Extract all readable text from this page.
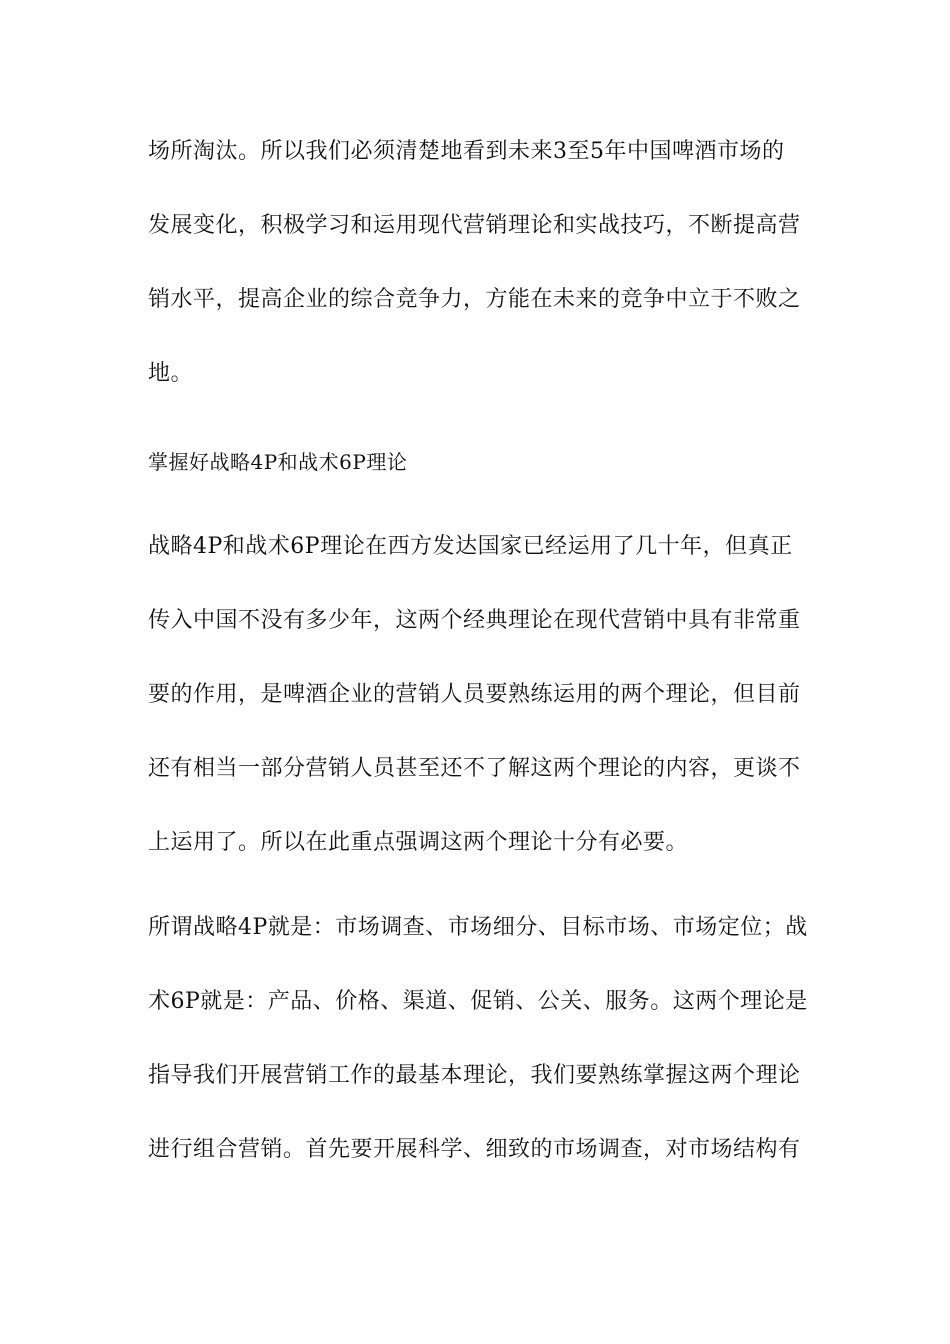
场所淘汰。所以我们必须清楚地看到未来3至5年中国啤酒市场的
发展变化，积极学习和运用现代营销理论和实战技巧，不断提高营
销水平，提高企业的综合竞争力，方能在未来的竞争中立于不败之
地。
掌握好战略4P和战术6P理论
战略4P和战术6P理论在西方发达国家已经运用了几十年，但真正
传入中国不没有多少年，这两个经典理论在现代营销中具有非常重
要的作用，是啤酒企业的营销人员要熟练运用的两个理论，但目前
还有相当一部分营销人员甚至还不了解这两个理论的内容，更谈不
上运用了。所以在此重点强调这两个理论十分有必要。
所谓战略4P就是：市场调查、市场细分、目标市场、市场定位；战
术6P就是：产品、价格、渠道、促销、公关、服务。这两个理论是
指导我们开展营销工作的最基本理论，我们要熟练掌握这两个理论
进行组合营销。首先要开展科学、细致的市场调查，对市场结构有
